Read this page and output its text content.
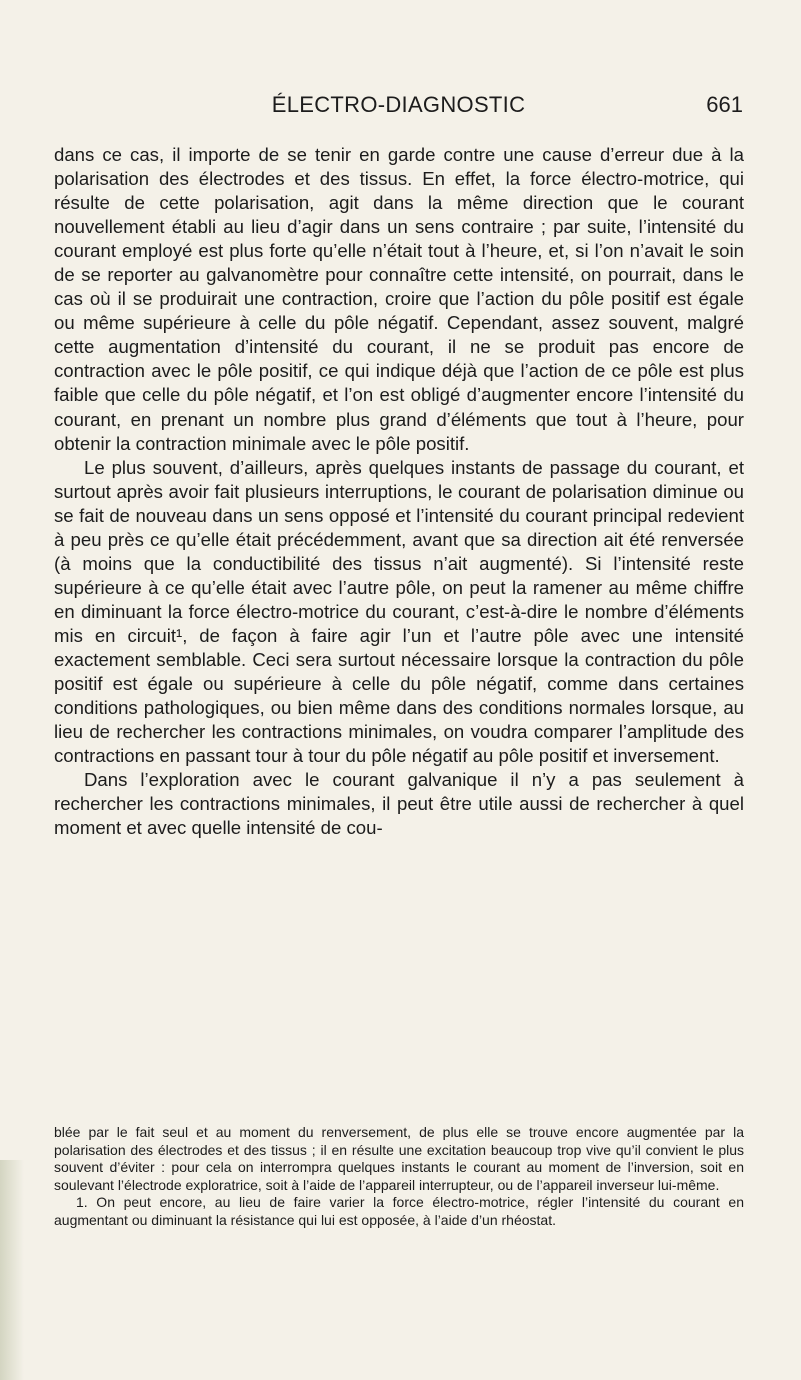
ÉLECTRO-DIAGNOSTIC	661

dans ce cas, il importe de se tenir en garde contre une cause d’erreur due à la polarisation des électrodes et des tissus. En effet, la force électro-motrice, qui résulte de cette polarisation, agit dans la même direction que le courant nouvellement établi au lieu d’agir dans un sens contraire ; par suite, l’intensité du courant employé est plus forte qu’elle n’était tout à l’heure, et, si l’on n’avait le soin de se reporter au galvanomètre pour connaître cette intensité, on pourrait, dans le cas où il se produirait une contraction, croire que l’action du pôle positif est égale ou même supérieure à celle du pôle négatif. Cependant, assez souvent, malgré cette augmentation d’intensité du courant, il ne se produit pas encore de contraction avec le pôle positif, ce qui indique déjà que l’action de ce pôle est plus faible que celle du pôle négatif, et l’on est obligé d’augmenter encore l’intensité du courant, en prenant un nombre plus grand d’éléments que tout à l’heure, pour obtenir la contraction minimale avec le pôle positif.

Le plus souvent, d’ailleurs, après quelques instants de passage du courant, et surtout après avoir fait plusieurs interruptions, le courant de polarisation diminue ou se fait de nouveau dans un sens opposé et l’intensité du courant principal redevient à peu près ce qu’elle était précédemment, avant que sa direction ait été renversée (à moins que la conductibilité des tissus n’ait augmenté). Si l’intensité reste supérieure à ce qu’elle était avec l’autre pôle, on peut la ramener au même chiffre en diminuant la force électro-motrice du courant, c’est-à-dire le nombre d’éléments mis en circuit¹, de façon à faire agir l’un et l’autre pôle avec une intensité exactement semblable. Ceci sera surtout nécessaire lorsque la contraction du pôle positif est égale ou supérieure à celle du pôle négatif, comme dans certaines conditions pathologiques, ou bien même dans des conditions normales lorsque, au lieu de rechercher les contractions minimales, on voudra comparer l’amplitude des contractions en passant tour à tour du pôle négatif au pôle positif et inversement.

Dans l’exploration avec le courant galvanique il n’y a pas seulement à rechercher les contractions minimales, il peut être utile aussi de rechercher à quel moment et avec quelle intensité de cou-

blée par le fait seul et au moment du renversement, de plus elle se trouve encore augmentée par la polarisation des électrodes et des tissus ; il en résulte une excitation beaucoup trop vive qu’il convient le plus souvent d’éviter : pour cela on interrompra quelques instants le courant au moment de l’inversion, soit en soulevant l’électrode exploratrice, soit à l’aide de l’appareil interrupteur, ou de l’appareil inverseur lui-même.

1. On peut encore, au lieu de faire varier la force électro-motrice, régler l’intensité du courant en augmentant ou diminuant la résistance qui lui est opposée, à l’aide d’un rhéostat.
